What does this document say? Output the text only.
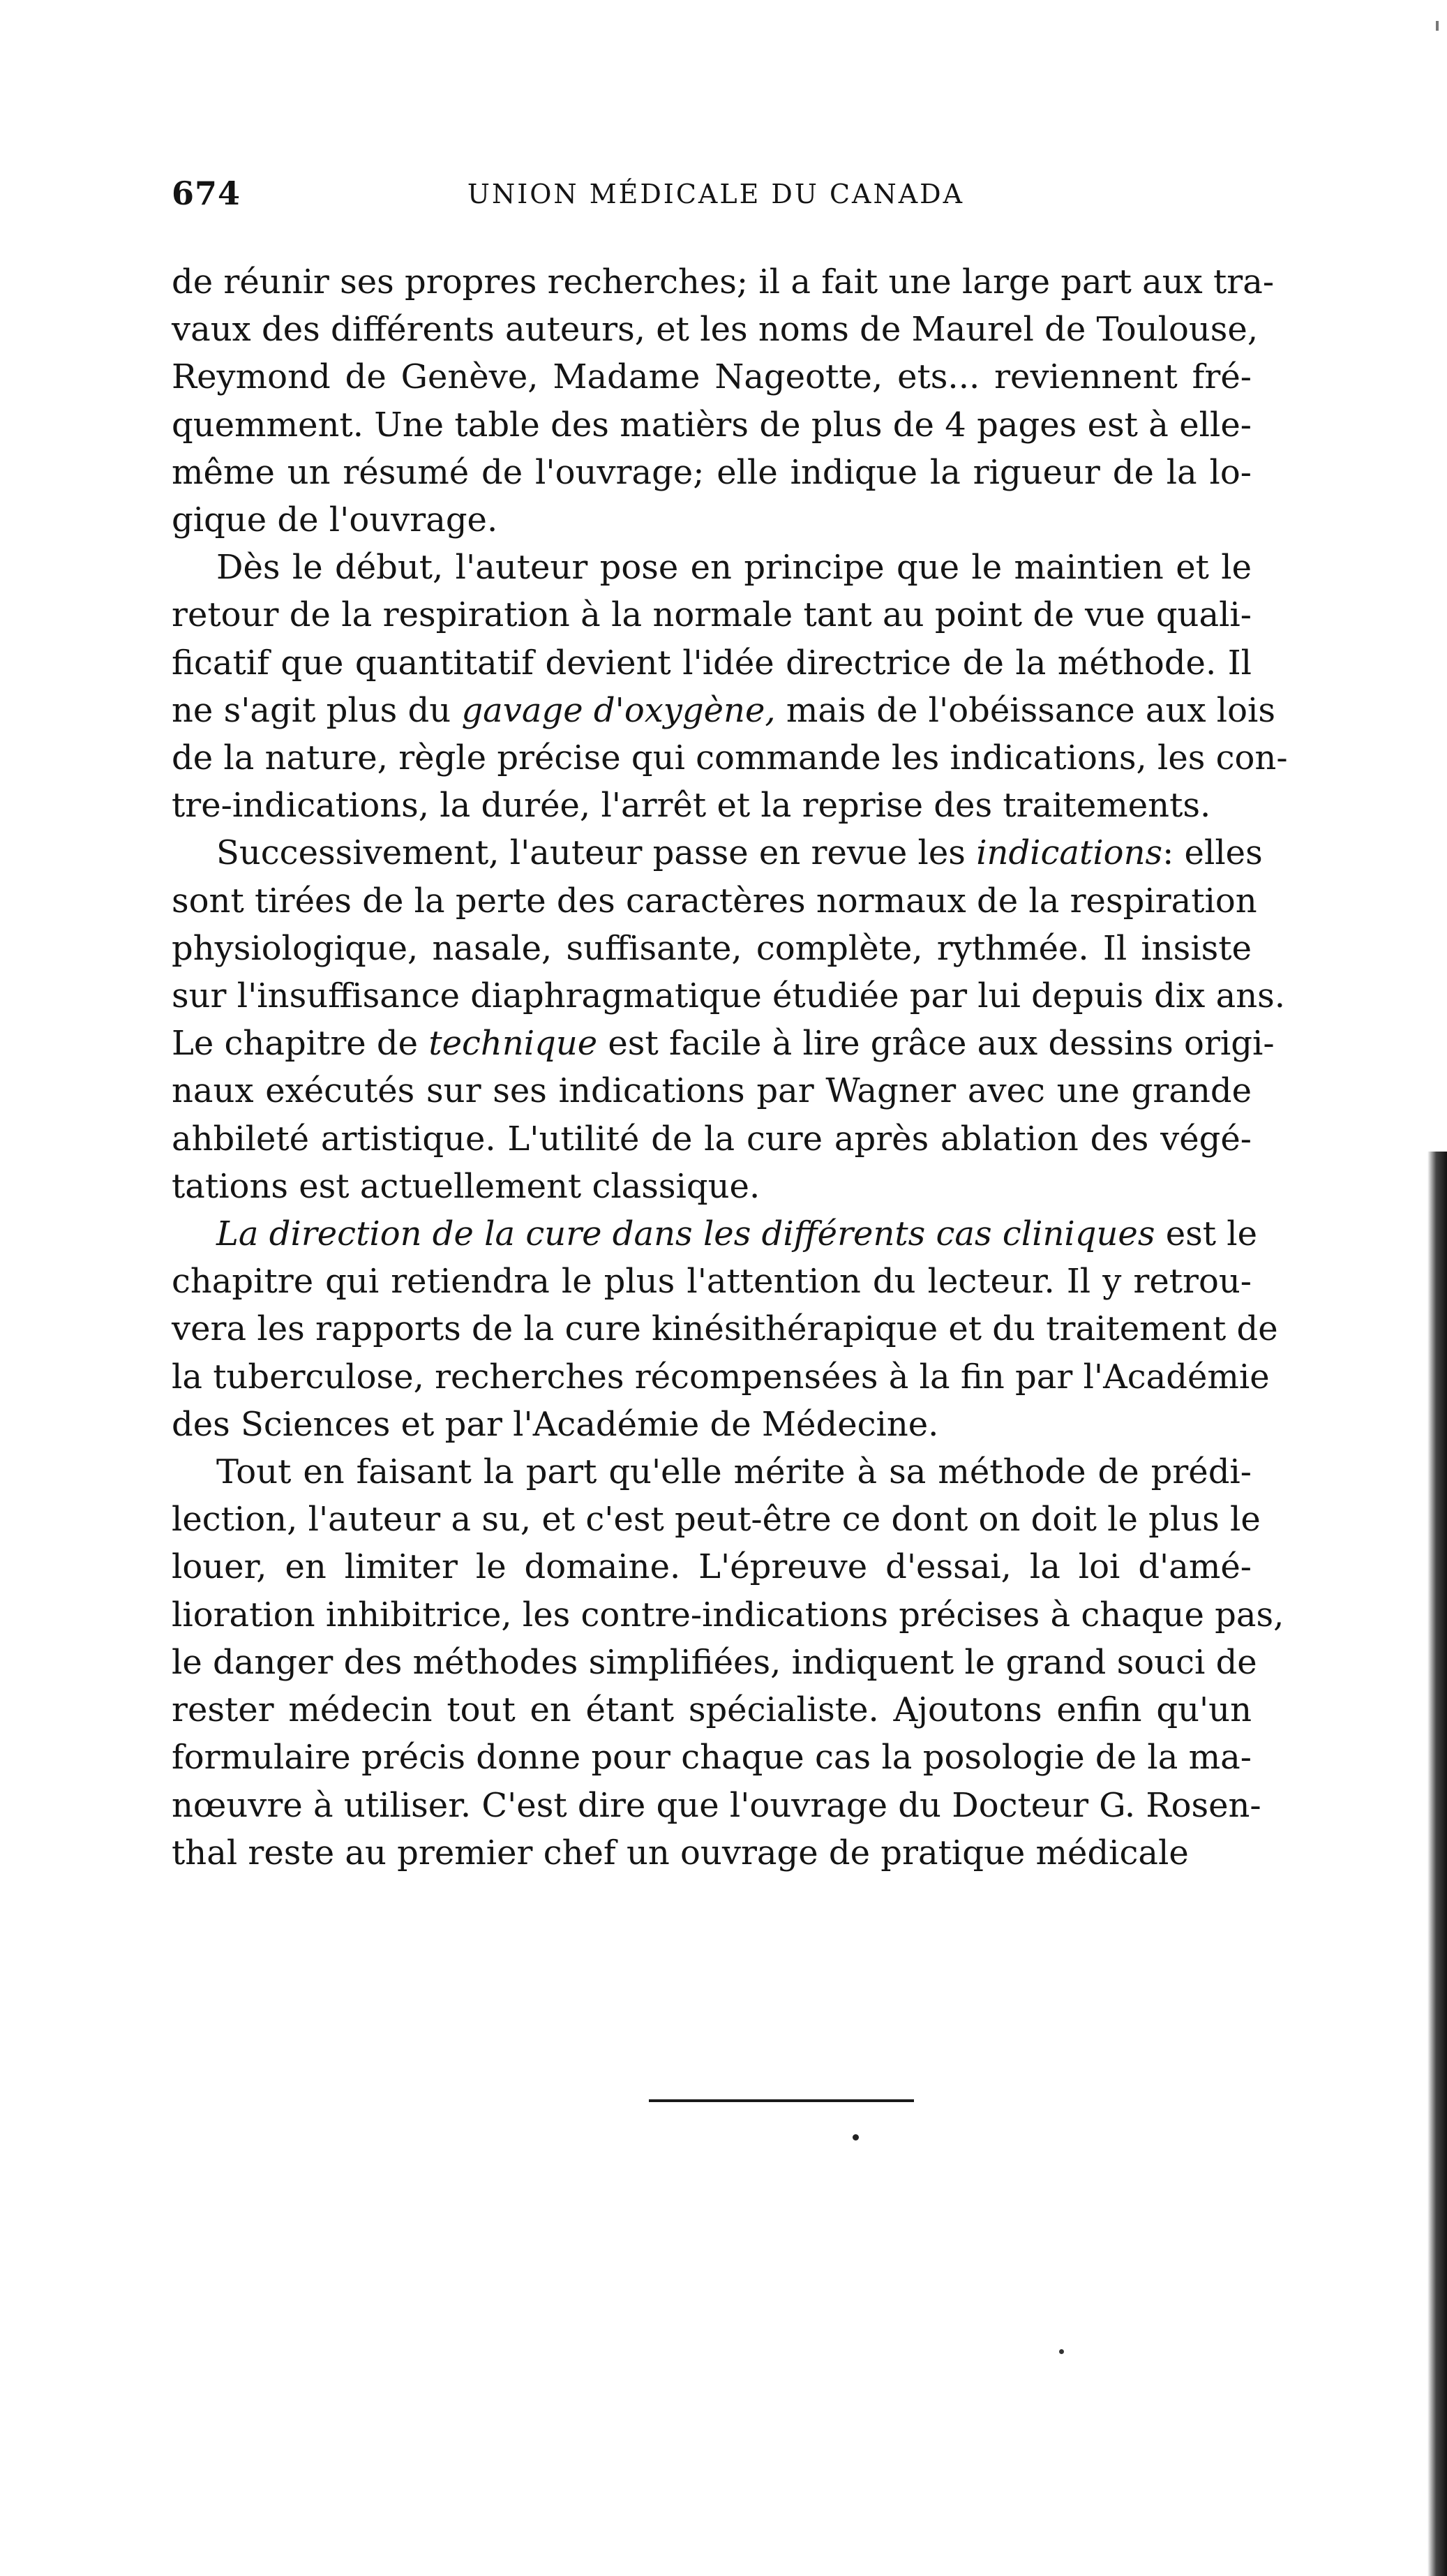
674	UNION MÉDICALE DU CANADA
de réunir ses propres recherches; il a fait une large part aux tra-
vaux des différents auteurs, et les noms de Maurel de Toulouse,
Reymond de Genève, Madame Nageotte, ets... reviennent fré-
quemment. Une table des matièrs de plus de 4 pages est à elle-
même un résumé de l'ouvrage; elle indique la rigueur de la lo-
gique de l'ouvrage.
Dès le début, l'auteur pose en principe que le maintien et le
retour de la respiration à la normale tant au point de vue quali-
ficatif que quantitatif devient l'idée directrice de la méthode. Il
ne s'agit plus du gavage d'oxygène, mais de l'obéissance aux lois
de la nature, règle précise qui commande les indications, les con-
tre-indications, la durée, l'arrêt et la reprise des traitements.
Successivement, l'auteur passe en revue les indications: elles
sont tirées de la perte des caractères normaux de la respiration
physiologique, nasale, suffisante, complète, rythmée. Il insiste
sur l'insuffisance diaphragmatique étudiée par lui depuis dix ans.
Le chapitre de technique est facile à lire grâce aux dessins origi-
naux exécutés sur ses indications par Wagner avec une grande
ahbileté artistique. L'utilité de la cure après ablation des végé-
tations est actuellement classique.
La direction de la cure dans les différents cas cliniques est le
chapitre qui retiendra le plus l'attention du lecteur. Il y retrou-
vera les rapports de la cure kinésithérapique et du traitement de
la tuberculose, recherches récompensées à la fin par l'Académie
des Sciences et par l'Académie de Médecine.
Tout en faisant la part qu'elle mérite à sa méthode de prédi-
lection, l'auteur a su, et c'est peut-être ce dont on doit le plus le
louer, en limiter le domaine. L'épreuve d'essai, la loi d'amé-
lioration inhibitrice, les contre-indications précises à chaque pas,
le danger des méthodes simplifiées, indiquent le grand souci de
rester médecin tout en étant spécialiste. Ajoutons enfin qu'un
formulaire précis donne pour chaque cas la posologie de la ma-
nœuvre à utiliser. C'est dire que l'ouvrage du Docteur G. Rosen-
thal reste au premier chef un ouvrage de pratique médicale
